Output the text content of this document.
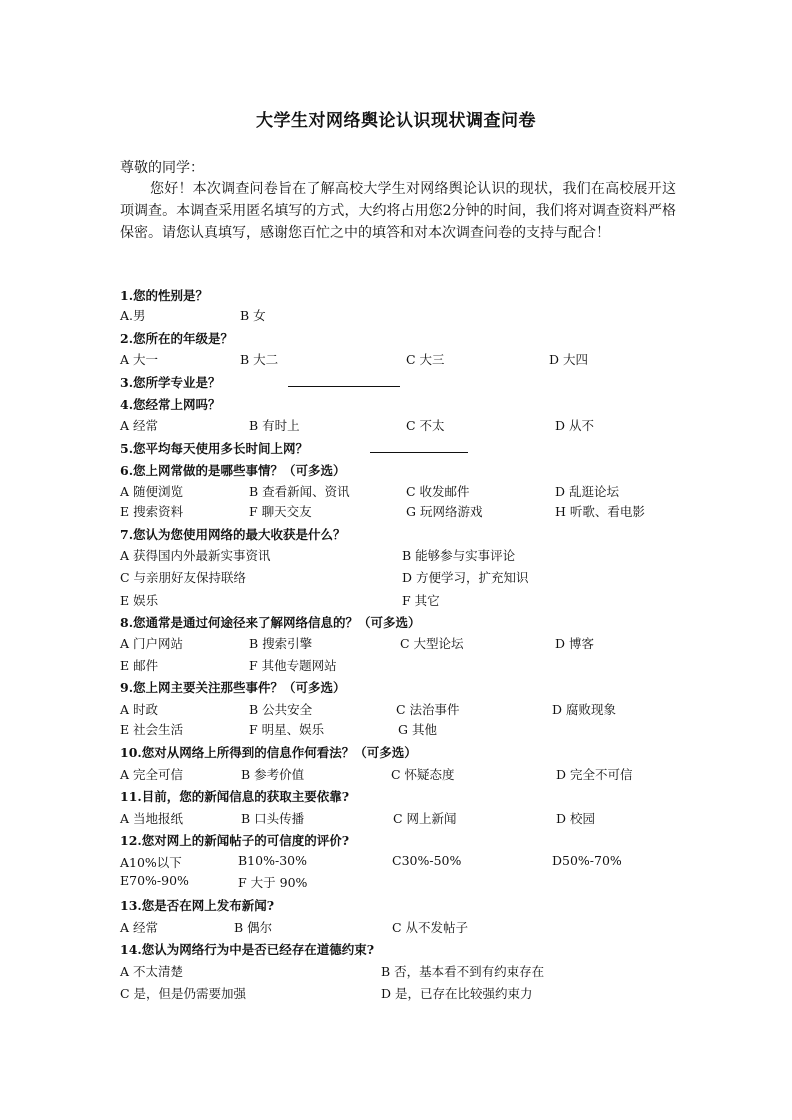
大学生对网络舆论认识现状调查问卷
尊敬的同学：

您好！本次调查问卷旨在了解高校大学生对网络舆论认识的现状，我们在高校展开这项调查。本调查采用匿名填写的方式，大约将占用您2分钟的时间，我们将对调查资料严格保密。请您认真填写，感谢您百忙之中的填答和对本次调查问卷的支持与配合！

1.您的性别是？
A.男	B 女
2.您所在的年级是？
A 大一	B 大二	C 大三	D 大四
3.您所学专业是？
4.您经常上网吗？
A 经常	B 有时上	C 不太	D 从不
5.您平均每天使用多长时间上网？
6.您上网常做的是哪些事情？（可多选）
A 随便浏览	B 查看新闻、资讯	C 收发邮件	D 乱逛论坛
E 搜索资料	F 聊天交友	G 玩网络游戏	H 听歌、看电影
7.您认为您使用网络的最大收获是什么？
A 获得国内外最新实事资讯	B 能够参与实事评论
C 与亲朋好友保持联络	D 方便学习，扩充知识
E 娱乐	F 其它
8.您通常是通过何途径来了解网络信息的？（可多选）
A 门户网站	B 搜索引擎	C 大型论坛	D 博客
E 邮件	F 其他专题网站
9.您上网主要关注那些事件？（可多选）
A 时政	B 公共安全	C 法治事件	D 腐败现象
E 社会生活	F 明星、娱乐	G 其他
10.您对从网络上所得到的信息作何看法？（可多选）
A 完全可信	B 参考价值	C 怀疑态度	D 完全不可信
11.目前，您的新闻信息的获取主要依靠?
A 当地报纸	B 口头传播	C 网上新闻	D 校园
12.您对网上的新闻帖子的可信度的评价?
A10%以下	B10%-30%	C30%-50%	D50%-70%
E70%-90%	F 大于 90%
13.您是否在网上发布新闻?
A 经常	B 偶尔	C 从不发帖子
14.您认为网络行为中是否已经存在道德约束?
A 不太清楚	B 否，基本看不到有约束存在
C 是，但是仍需要加强	D 是，已存在比较强约束力
